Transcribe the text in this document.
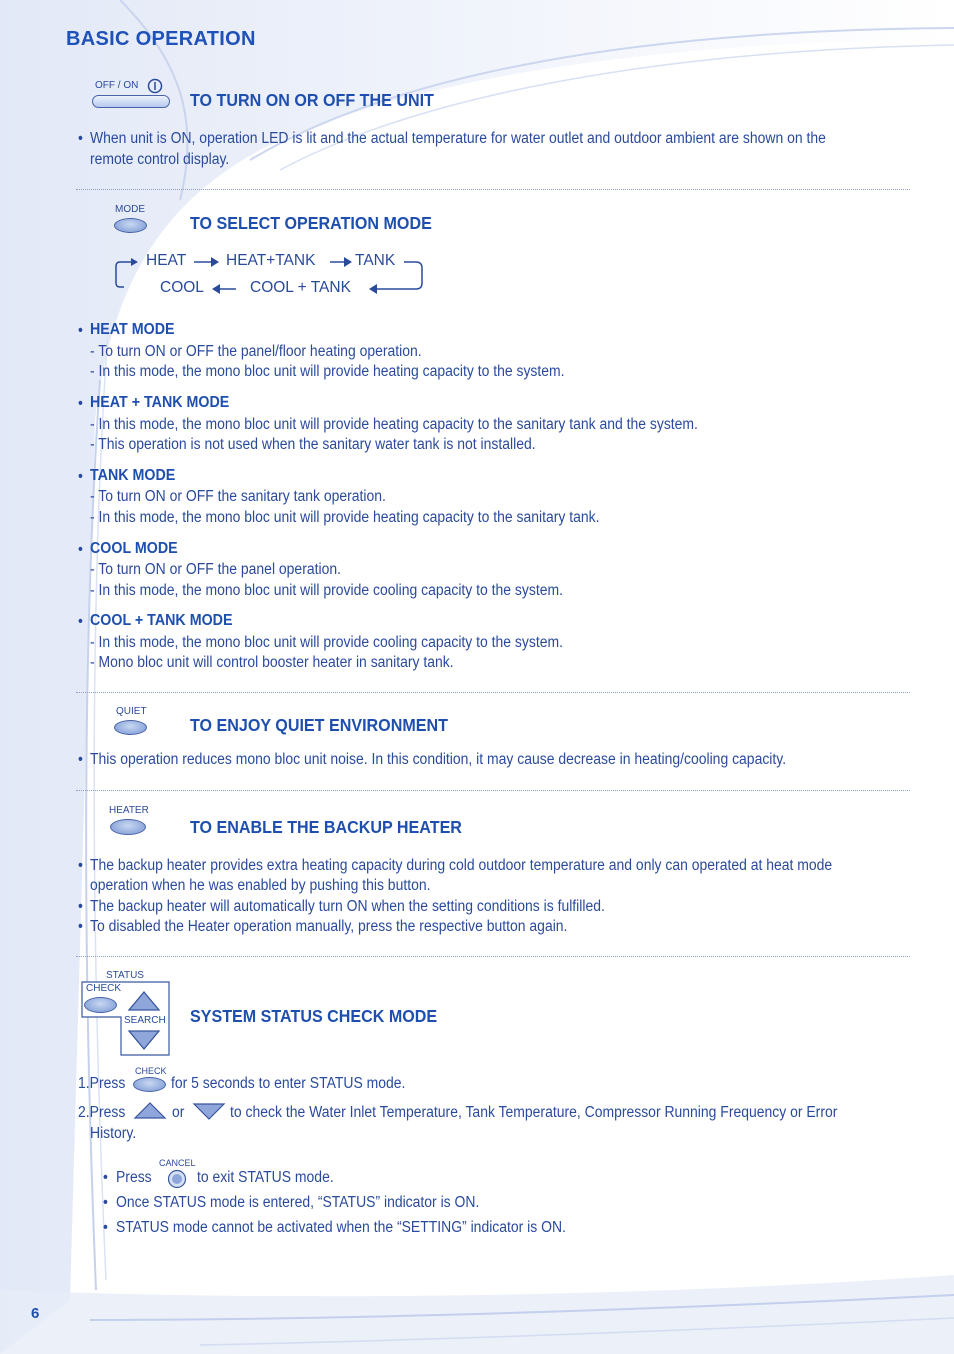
BASIC OPERATION
OFF / ON
TO TURN ON OR OFF THE UNIT
• When unit is ON, operation LED is lit and the actual temperature for water outlet and outdoor ambient are shown on the
remote control display.
MODE
TO SELECT OPERATION MODE
HEAT	HEAT+TANK	TANK
COOL	COOL + TANK
• HEAT MODE
- To turn ON or OFF the panel/floor heating operation.
- In this mode, the mono bloc unit will provide heating capacity to the system.
• HEAT + TANK MODE
- In this mode, the mono bloc unit will provide heating capacity to the sanitary tank and the system.
- This operation is not used when the sanitary water tank is not installed.
• TANK MODE
- To turn ON or OFF the sanitary tank operation.
- In this mode, the mono bloc unit will provide heating capacity to the sanitary tank.
• COOL MODE
- To turn ON or OFF the panel operation.
- In this mode, the mono bloc unit will provide cooling capacity to the system.
• COOL + TANK MODE
- In this mode, the mono bloc unit will provide cooling capacity to the system.
- Mono bloc unit will control booster heater in sanitary tank.
QUIET
TO ENJOY QUIET ENVIRONMENT
• This operation reduces mono bloc unit noise. In this condition, it may cause decrease in heating/cooling capacity.
HEATER
TO ENABLE THE BACKUP HEATER
• The backup heater provides extra heating capacity during cold outdoor temperature and only can operated at heat mode
operation when he was enabled by pushing this button.
• The backup heater will automatically turn ON when the setting conditions is fulfilled.
• To disabled the Heater operation manually, press the respective button again.
STATUS
CHECK
SEARCH SYSTEM STATUS CHECK MODE
1.Press
CHECK
for 5 seconds to enter STATUS mode.
2.Press	or	to check the Water Inlet Temperature, Tank Temperature, Compressor Running Frequency or Error
History.
• Press
CANCEL
to exit STATUS mode.
• Once STATUS mode is entered, “STATUS” indicator is ON.
• STATUS mode cannot be activated when the “SETTING” indicator is ON.
6
